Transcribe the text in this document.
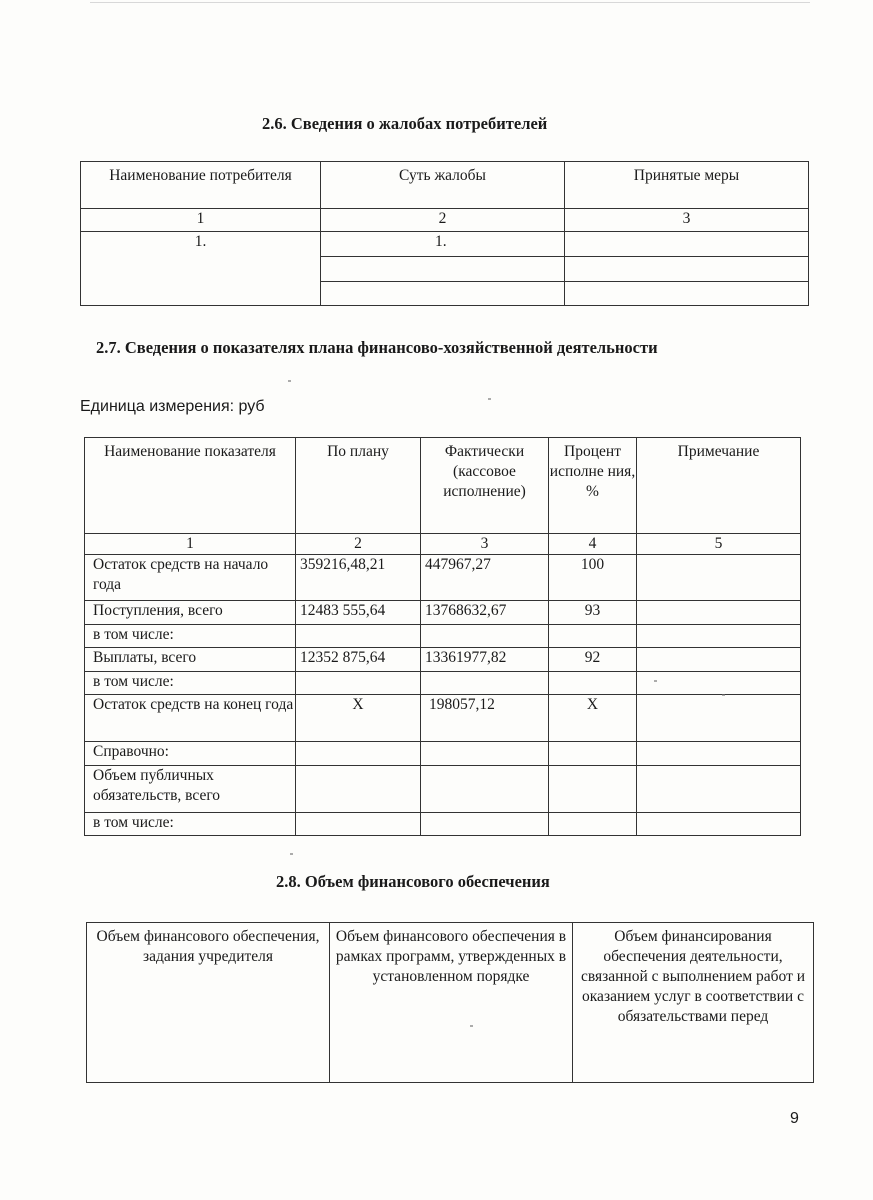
2.6. Сведения о жалобах потребителей
Наименование потребителя	Суть жалобы	Принятые меры
1	2	3
1.	1.	

2.7. Сведения о показателях плана финансово-хозяйственной деятельности
Единица измерения: руб
Наименование показателя	По плану	Фактически (кассовое исполнение)	Процент исполне ния, %	Примечание
1	2	3	4	5
Остаток средств на начало года	359216,48,21	447967,27	100	
Поступления, всего	12483 555,64	13768632,67	93	
в том числе:				
Выплаты, всего	12352 875,64	13361977,82	92	
в том числе:				
Остаток средств на конец года	Х	198057,12	Х	
Справочно:				
Объем публичных обязательств, всего				
в том числе:				
2.8. Объем финансового обеспечения
Объем финансового обеспечения, задания учредителя	Объем финансового обеспечения в рамках программ, утвержденных в установленном порядке	Объем финансирования обеспечения деятельности, связанной с выполнением работ и оказанием услуг в соответствии с обязательствами перед
9
